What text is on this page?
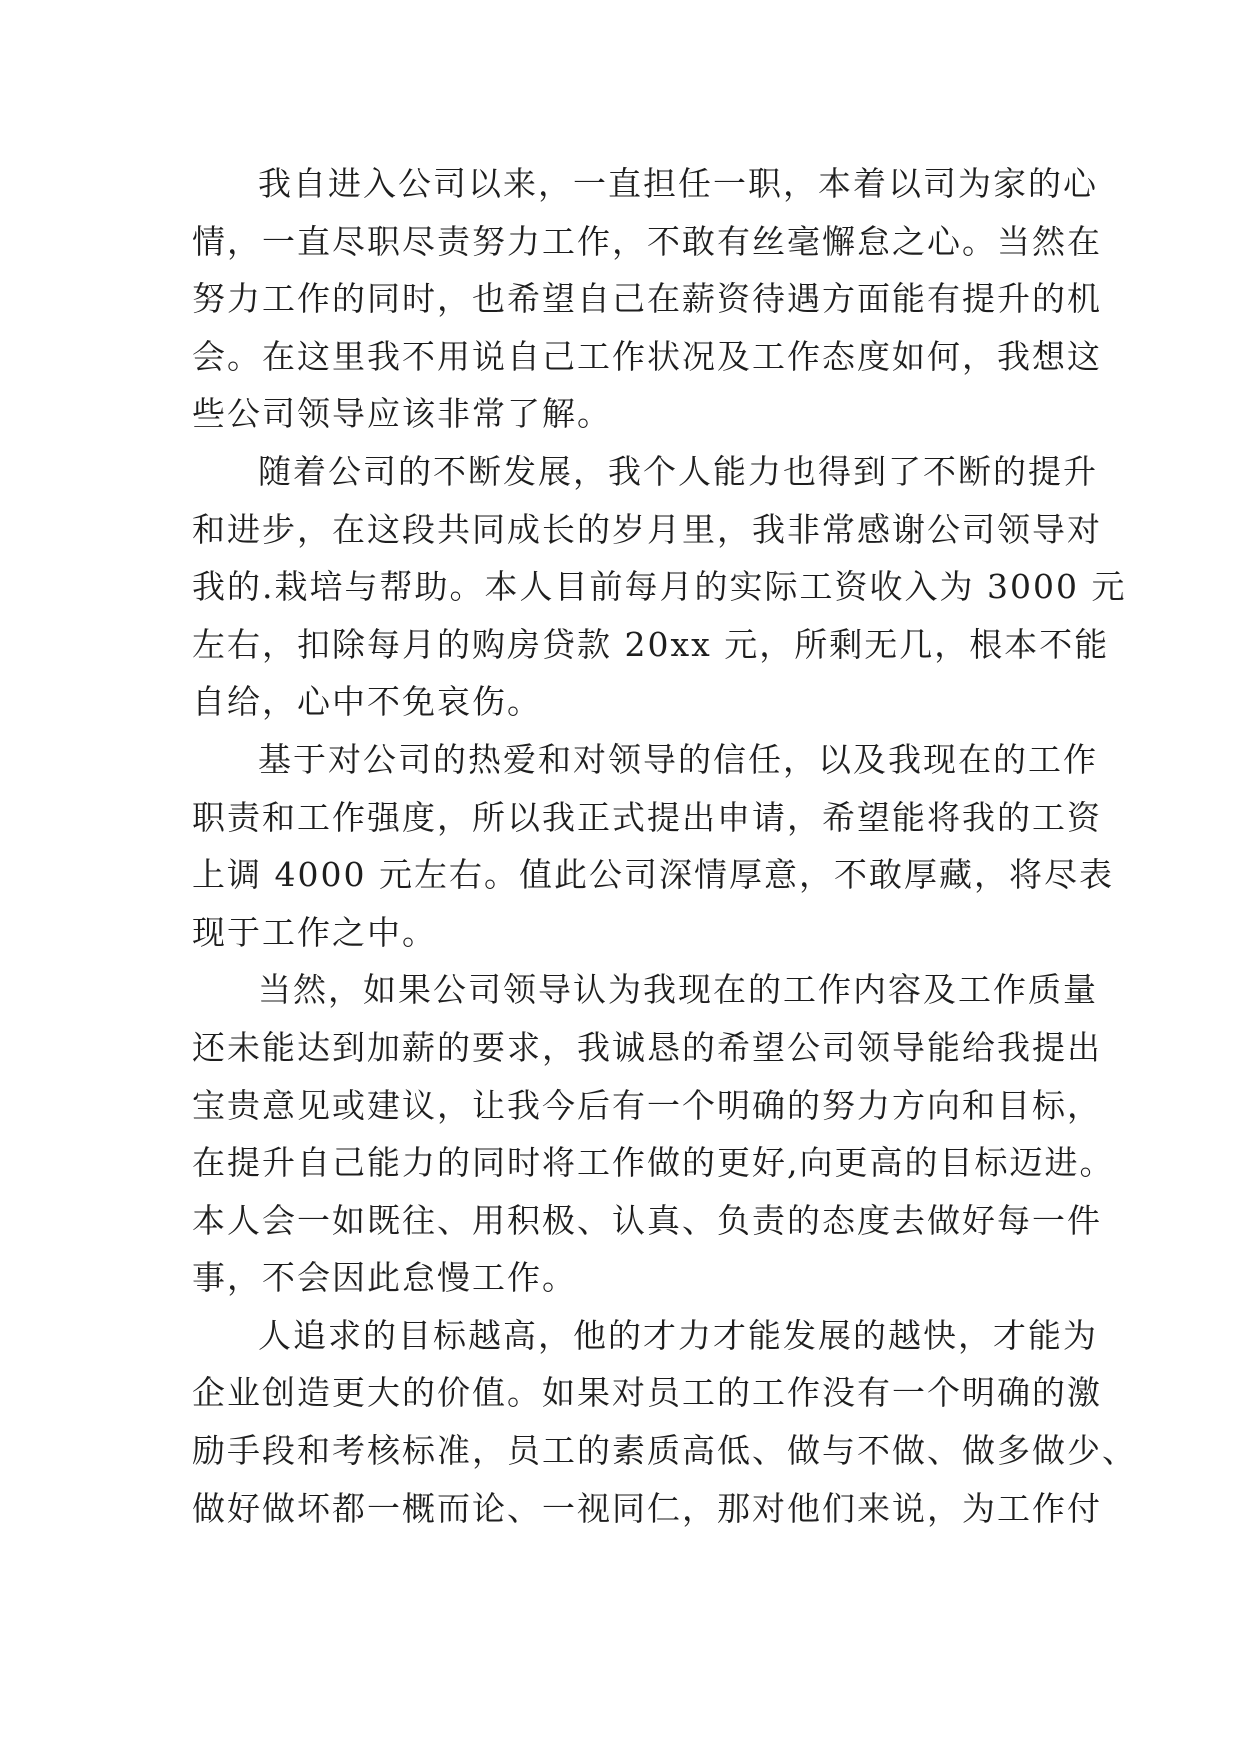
我自进入公司以来，一直担任一职，本着以司为家的心
情，一直尽职尽责努力工作，不敢有丝毫懈怠之心。当然在
努力工作的同时，也希望自己在薪资待遇方面能有提升的机
会。在这里我不用说自己工作状况及工作态度如何，我想这
些公司领导应该非常了解。
随着公司的不断发展，我个人能力也得到了不断的提升
和进步，在这段共同成长的岁月里，我非常感谢公司领导对
我的.栽培与帮助。本人目前每月的实际工资收入为 3000 元
左右，扣除每月的购房贷款 20xx 元，所剩无几，根本不能
自给，心中不免哀伤。
基于对公司的热爱和对领导的信任，以及我现在的工作
职责和工作强度，所以我正式提出申请，希望能将我的工资
上调 4000 元左右。值此公司深情厚意，不敢厚藏，将尽表
现于工作之中。
当然，如果公司领导认为我现在的工作内容及工作质量
还未能达到加薪的要求，我诚恳的希望公司领导能给我提出
宝贵意见或建议，让我今后有一个明确的努力方向和目标，
在提升自己能力的同时将工作做的更好,向更高的目标迈进。
本人会一如既往、用积极、认真、负责的态度去做好每一件
事，不会因此怠慢工作。
人追求的目标越高，他的才力才能发展的越快，才能为
企业创造更大的价值。如果对员工的工作没有一个明确的激
励手段和考核标准，员工的素质高低、做与不做、做多做少、
做好做坏都一概而论、一视同仁，那对他们来说，为工作付
